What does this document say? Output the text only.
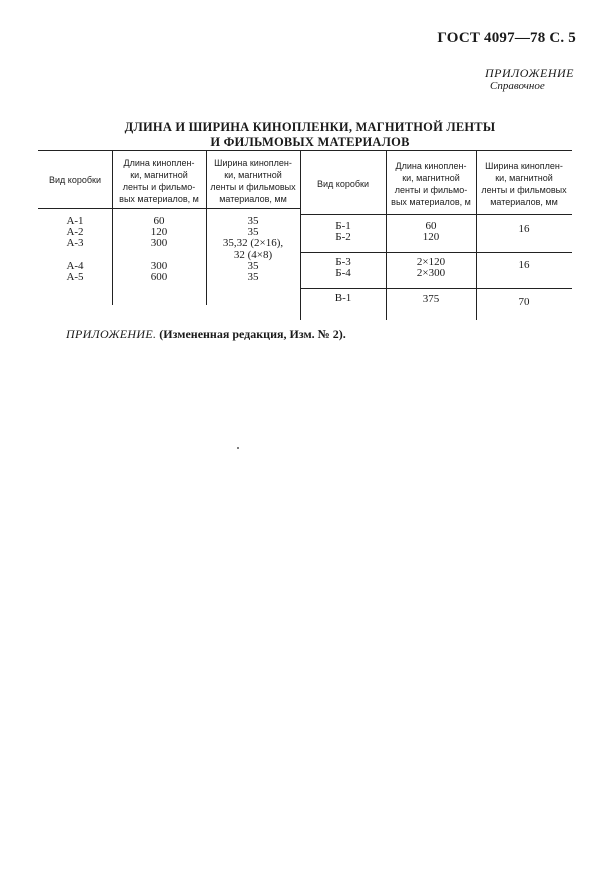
ГОСТ 4097—78 С. 5
ПРИЛОЖЕНИЕ
Справочное
ДЛИНА И ШИРИНА КИНОПЛЕНКИ, МАГНИТНОЙ ЛЕНТЫ
И ФИЛЬМОВЫХ МАТЕРИАЛОВ
Вид коробки
Длина киноплен-
ки, магнитной
ленты и фильмо-
вых материалов, м
Ширина киноплен-
ки, магнитной
ленты и фильмовых
материалов, мм
Вид коробки
Длина киноплен-
ки, магнитной
ленты и фильмо-
вых материалов, м
Ширина киноплен-
ки, магнитной
ленты и фильмовых
материалов, мм
А-1
А-2
А-3
А-4
А-5
60
120
300
300
600
35
35
35,32 (2×16),
32 (4×8)
35
35
Б-1
Б-2
60
120
16
Б-3
Б-4
2×120
2×300
16
В-1	375	70
ПРИЛОЖЕНИЕ. (Измененная редакция, Изм. № 2).
